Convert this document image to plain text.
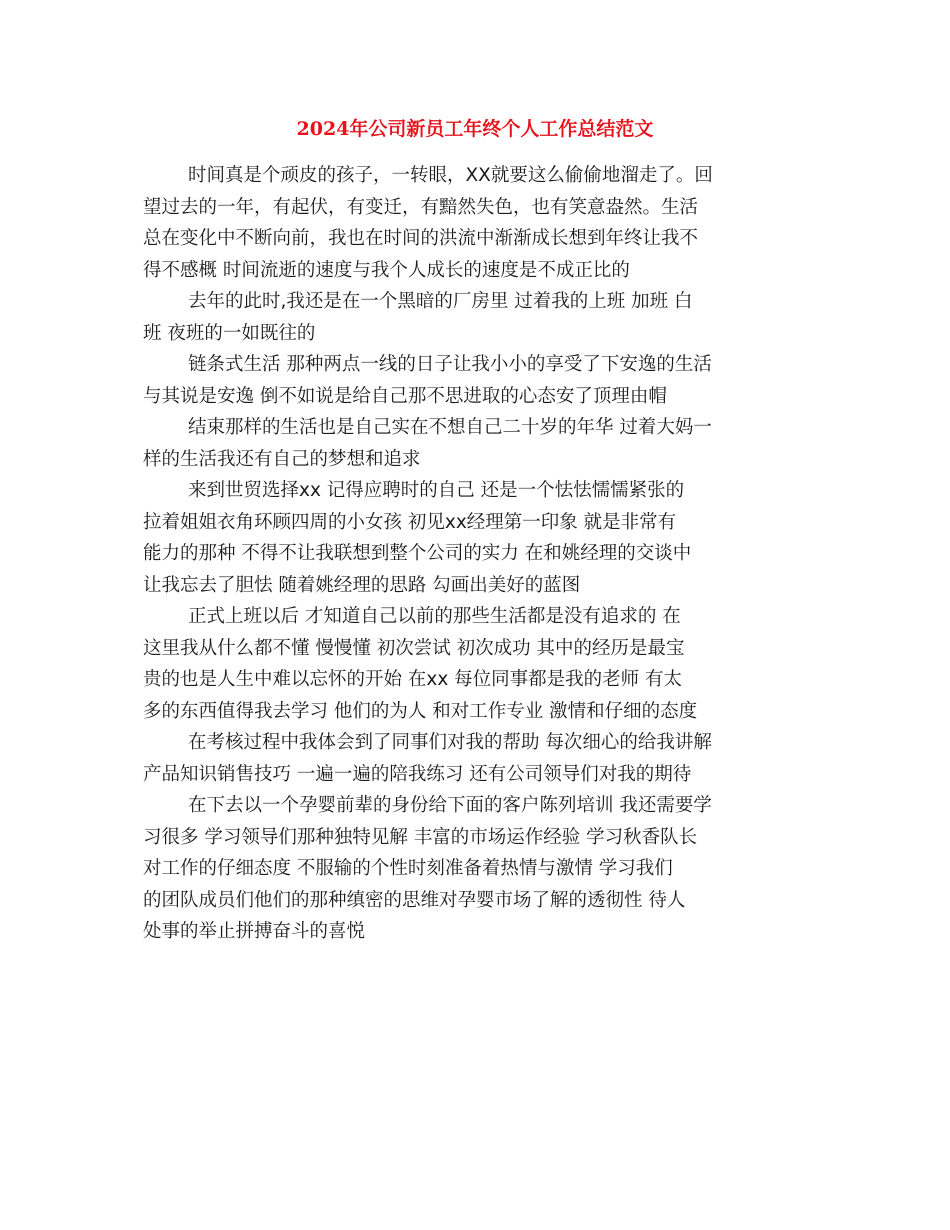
2024年公司新员工年终个人工作总结范文
时间真是个顽皮的孩子，一转眼，XX就要这么偷偷地溜走了。回
望过去的一年，有起伏，有变迁，有黯然失色，也有笑意盎然。生活
总在变化中不断向前，我也在时间的洪流中渐渐成长想到年终让我不
得不感概 时间流逝的速度与我个人成长的速度是不成正比的
去年的此时,我还是在一个黑暗的厂房里 过着我的上班 加班 白
班 夜班的一如既往的
链条式生活 那种两点一线的日子让我小小的享受了下安逸的生活
与其说是安逸 倒不如说是给自己那不思进取的心态安了顶理由帽
结束那样的生活也是自己实在不想自己二十岁的年华 过着大妈一
样的生活我还有自己的梦想和追求
来到世贸选择xx 记得应聘时的自己 还是一个怯怯懦懦紧张的
拉着姐姐衣角环顾四周的小女孩 初见xx经理第一印象 就是非常有
能力的那种 不得不让我联想到整个公司的实力 在和姚经理的交谈中
让我忘去了胆怯 随着姚经理的思路 勾画出美好的蓝图
正式上班以后 才知道自己以前的那些生活都是没有追求的 在
这里我从什么都不懂 慢慢懂 初次尝试 初次成功 其中的经历是最宝
贵的也是人生中难以忘怀的开始 在xx 每位同事都是我的老师 有太
多的东西值得我去学习 他们的为人 和对工作专业 激情和仔细的态度
在考核过程中我体会到了同事们对我的帮助 每次细心的给我讲解
产品知识销售技巧 一遍一遍的陪我练习 还有公司领导们对我的期待
在下去以一个孕婴前辈的身份给下面的客户陈列培训 我还需要学
习很多 学习领导们那种独特见解 丰富的市场运作经验 学习秋香队长
对工作的仔细态度 不服输的个性时刻准备着热情与激情 学习我们
的团队成员们他们的那种缜密的思维对孕婴市场了解的透彻性 待人
处事的举止拼搏奋斗的喜悦
